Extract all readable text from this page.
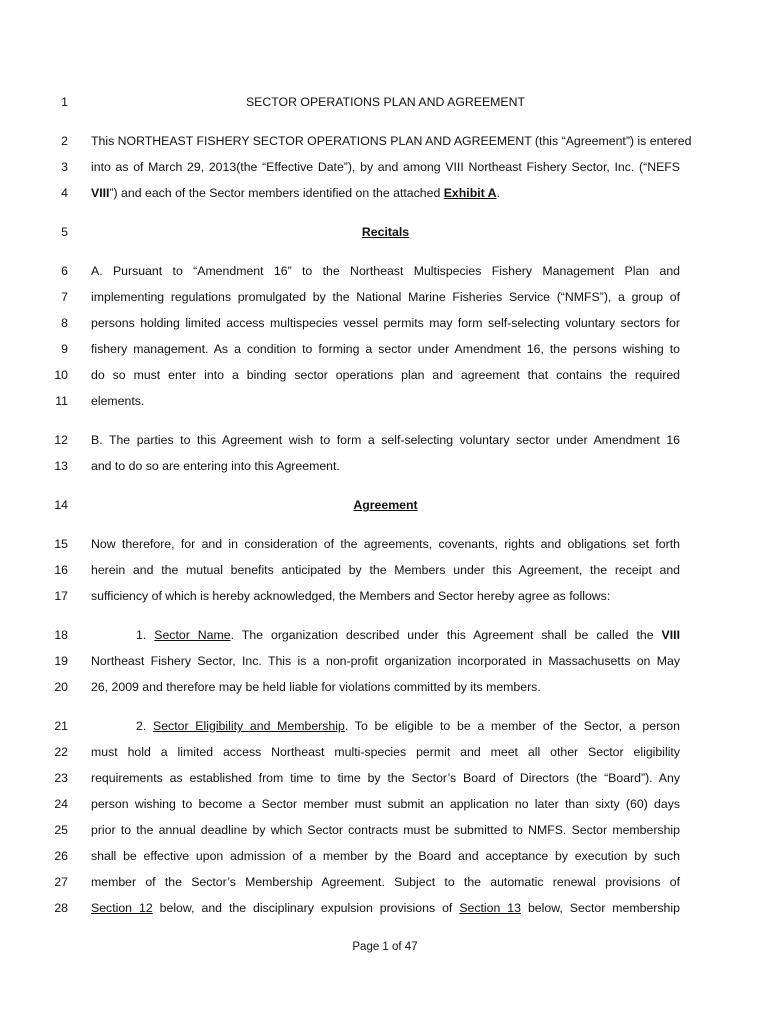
1	SECTOR OPERATIONS PLAN AND AGREEMENT
2 This NORTHEAST FISHERY SECTOR OPERATIONS PLAN AND AGREEMENT (this “Agreement”) is entered
3 into as of March 29, 2013(the “Effective Date”), by and among VIII Northeast Fishery Sector, Inc. (“NEFS
4 VIII”) and each of the Sector members identified on the attached Exhibit A.
5	Recitals
6 A. Pursuant to “Amendment 16” to the Northeast Multispecies Fishery Management Plan and
7 implementing regulations promulgated by the National Marine Fisheries Service (“NMFS”), a group of
8 persons holding limited access multispecies vessel permits may form self-selecting voluntary sectors for
9 fishery management. As a condition to forming a sector under Amendment 16, the persons wishing to
10 do so must enter into a binding sector operations plan and agreement that contains the required
11 elements.
12 B. The parties to this Agreement wish to form a self-selecting voluntary sector under Amendment 16
13 and to do so are entering into this Agreement.
14	Agreement
15 Now therefore, for and in consideration of the agreements, covenants, rights and obligations set forth
16 herein and the mutual benefits anticipated by the Members under this Agreement, the receipt and
17 sufficiency of which is hereby acknowledged, the Members and Sector hereby agree as follows:
18	1. Sector Name. The organization described under this Agreement shall be called the VIII
19 Northeast Fishery Sector, Inc. This is a non-profit organization incorporated in Massachusetts on May
20 26, 2009 and therefore may be held liable for violations committed by its members.
21	2. Sector Eligibility and Membership. To be eligible to be a member of the Sector, a person
22 must hold a limited access Northeast multi-species permit and meet all other Sector eligibility
23 requirements as established from time to time by the Sector’s Board of Directors (the “Board”). Any
24 person wishing to become a Sector member must submit an application no later than sixty (60) days
25 prior to the annual deadline by which Sector contracts must be submitted to NMFS. Sector membership
26 shall be effective upon admission of a member by the Board and acceptance by execution by such
27 member of the Sector’s Membership Agreement. Subject to the automatic renewal provisions of
28 Section 12 below, and the disciplinary expulsion provisions of Section 13 below, Sector membership
Page 1 of 47
